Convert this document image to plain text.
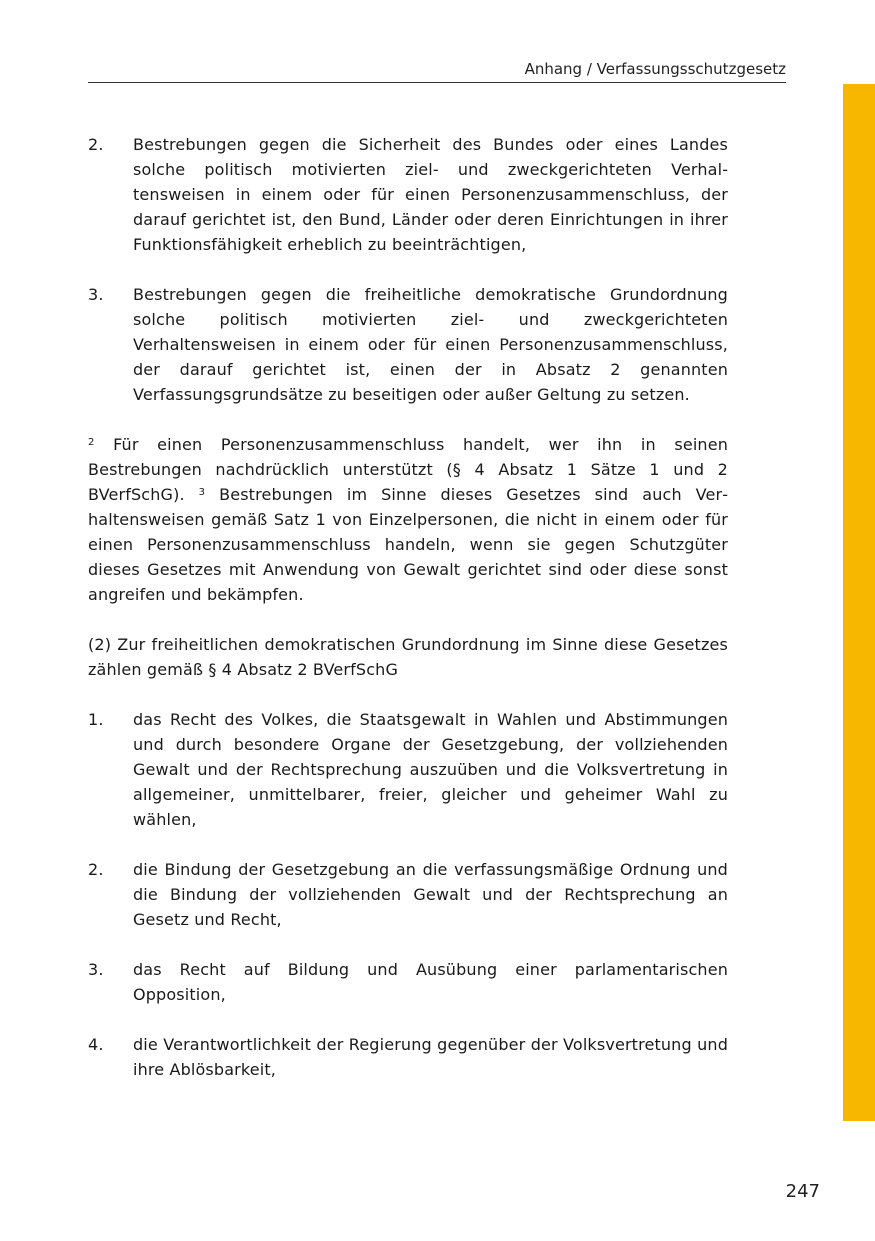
Anhang / Verfassungsschutzgesetz
2.	Bestrebungen gegen die Sicherheit des Bundes oder eines Landes solche politisch motivierten ziel- und zweckgerichteten Verhaltensweisen in einem oder für einen Personenzusammenschluss, der darauf gerichtet ist, den Bund, Länder oder deren Einrichtungen in ihrer Funktionsfähigkeit erheblich zu beeinträchtigen,
3.	Bestrebungen gegen die freiheitliche demokratische Grundordnung solche politisch motivierten ziel- und zweckgerichteten Verhaltensweisen in einem oder für einen Personenzusammenschluss, der darauf gerichtet ist, einen der in Absatz 2 genannten Verfassungsgrundsätze zu beseitigen oder außer Geltung zu setzen.
$^2$ Für einen Personenzusammenschluss handelt, wer ihn in seinen Bestrebungen nachdrücklich unterstützt (§ 4 Absatz 1 Sätze 1 und 2 BVerfSchG). $^3$ Bestrebungen im Sinne dieses Gesetzes sind auch Verhaltensweisen gemäß Satz 1 von Einzelpersonen, die nicht in einem oder für einen Personenzusammenschluss handeln, wenn sie gegen Schutzgüter dieses Gesetzes mit Anwendung von Gewalt gerichtet sind oder diese sonst angreifen und bekämpfen.
(2) Zur freiheitlichen demokratischen Grundordnung im Sinne diese Gesetzes zählen gemäß § 4 Absatz 2 BVerfSchG
1.	das Recht des Volkes, die Staatsgewalt in Wahlen und Abstimmungen und durch besondere Organe der Gesetzgebung, der vollziehenden Gewalt und der Rechtsprechung auszuüben und die Volksvertretung in allgemeiner, unmittelbarer, freier, gleicher und geheimer Wahl zu wählen,
2.	die Bindung der Gesetzgebung an die verfassungsmäßige Ordnung und die Bindung der vollziehenden Gewalt und der Rechtsprechung an Gesetz und Recht,
3.	das Recht auf Bildung und Ausübung einer parlamentarischen Opposition,
4.	die Verantwortlichkeit der Regierung gegenüber der Volksvertretung und ihre Ablösbarkeit,
247
